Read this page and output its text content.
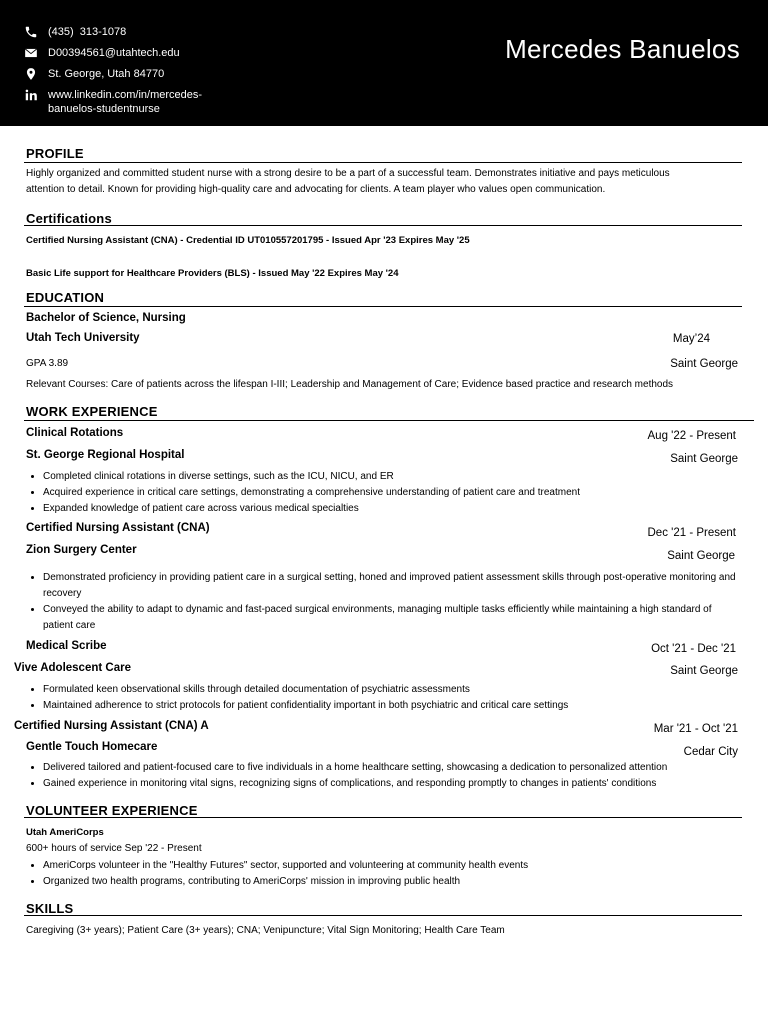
(435)  313-1078
D00394561@utahtech.edu
St. George, Utah 84770
www.linkedin.com/in/mercedes-
banuelos-studentnurse
Mercedes Banuelos
PROFILE
Highly organized and committed student nurse with a strong desire to be a part of a successful team. Demonstrates initiative and pays meticulous
attention to detail. Known for providing high-quality care and advocating for clients. A team player who values open communication.
Certifications
Certified Nursing Assistant (CNA) - Credential ID UT010557201795 - Issued Apr '23 Expires May '25
Basic Life support for Healthcare Providers (BLS) - Issued May '22 Expires May '24
EDUCATION
Bachelor of Science, Nursing
Utah Tech University	May’24
GPA 3.89	Saint George
Relevant Courses: Care of patients across the lifespan I-III; Leadership and Management of Care; Evidence based practice and research methods
WORK EXPERIENCE
Clinical Rotations	Aug '22 - Present
St. George Regional Hospital	Saint George
• Completed clinical rotations in diverse settings, such as the ICU, NICU, and ER
• Acquired experience in critical care settings, demonstrating a comprehensive understanding of patient care and treatment
• Expanded knowledge of patient care across various medical specialties
Certified Nursing Assistant (CNA)	Dec '21 - Present
Zion Surgery Center	Saint George
• Demonstrated proficiency in providing patient care in a surgical setting, honed and improved patient assessment skills through post-operative monitoring and recovery
• Conveyed the ability to adapt to dynamic and fast-paced surgical environments, managing multiple tasks efficiently while maintaining a high standard of patient care
Medical Scribe	Oct '21 - Dec '21
Vive Adolescent Care	Saint George
• Formulated keen observational skills through detailed documentation of psychiatric assessments
• Maintained adherence to strict protocols for patient confidentiality important in both psychiatric and critical care settings
Certified Nursing Assistant (CNA) A	Mar '21 - Oct '21
Gentle Touch Homecare	Cedar City
• Delivered tailored and patient-focused care to five individuals in a home healthcare setting, showcasing a dedication to personalized attention
• Gained experience in monitoring vital signs, recognizing signs of complications, and responding promptly to changes in patients' conditions
VOLUNTEER EXPERIENCE
Utah AmeriCorps
600+ hours of service Sep '22 - Present
• AmeriCorps volunteer in the "Healthy Futures" sector, supported and volunteering at community health events
• Organized two health programs, contributing to AmeriCorps' mission in improving public health
SKILLS
Caregiving (3+ years); Patient Care (3+ years); CNA; Venipuncture; Vital Sign Monitoring; Health Care Team
